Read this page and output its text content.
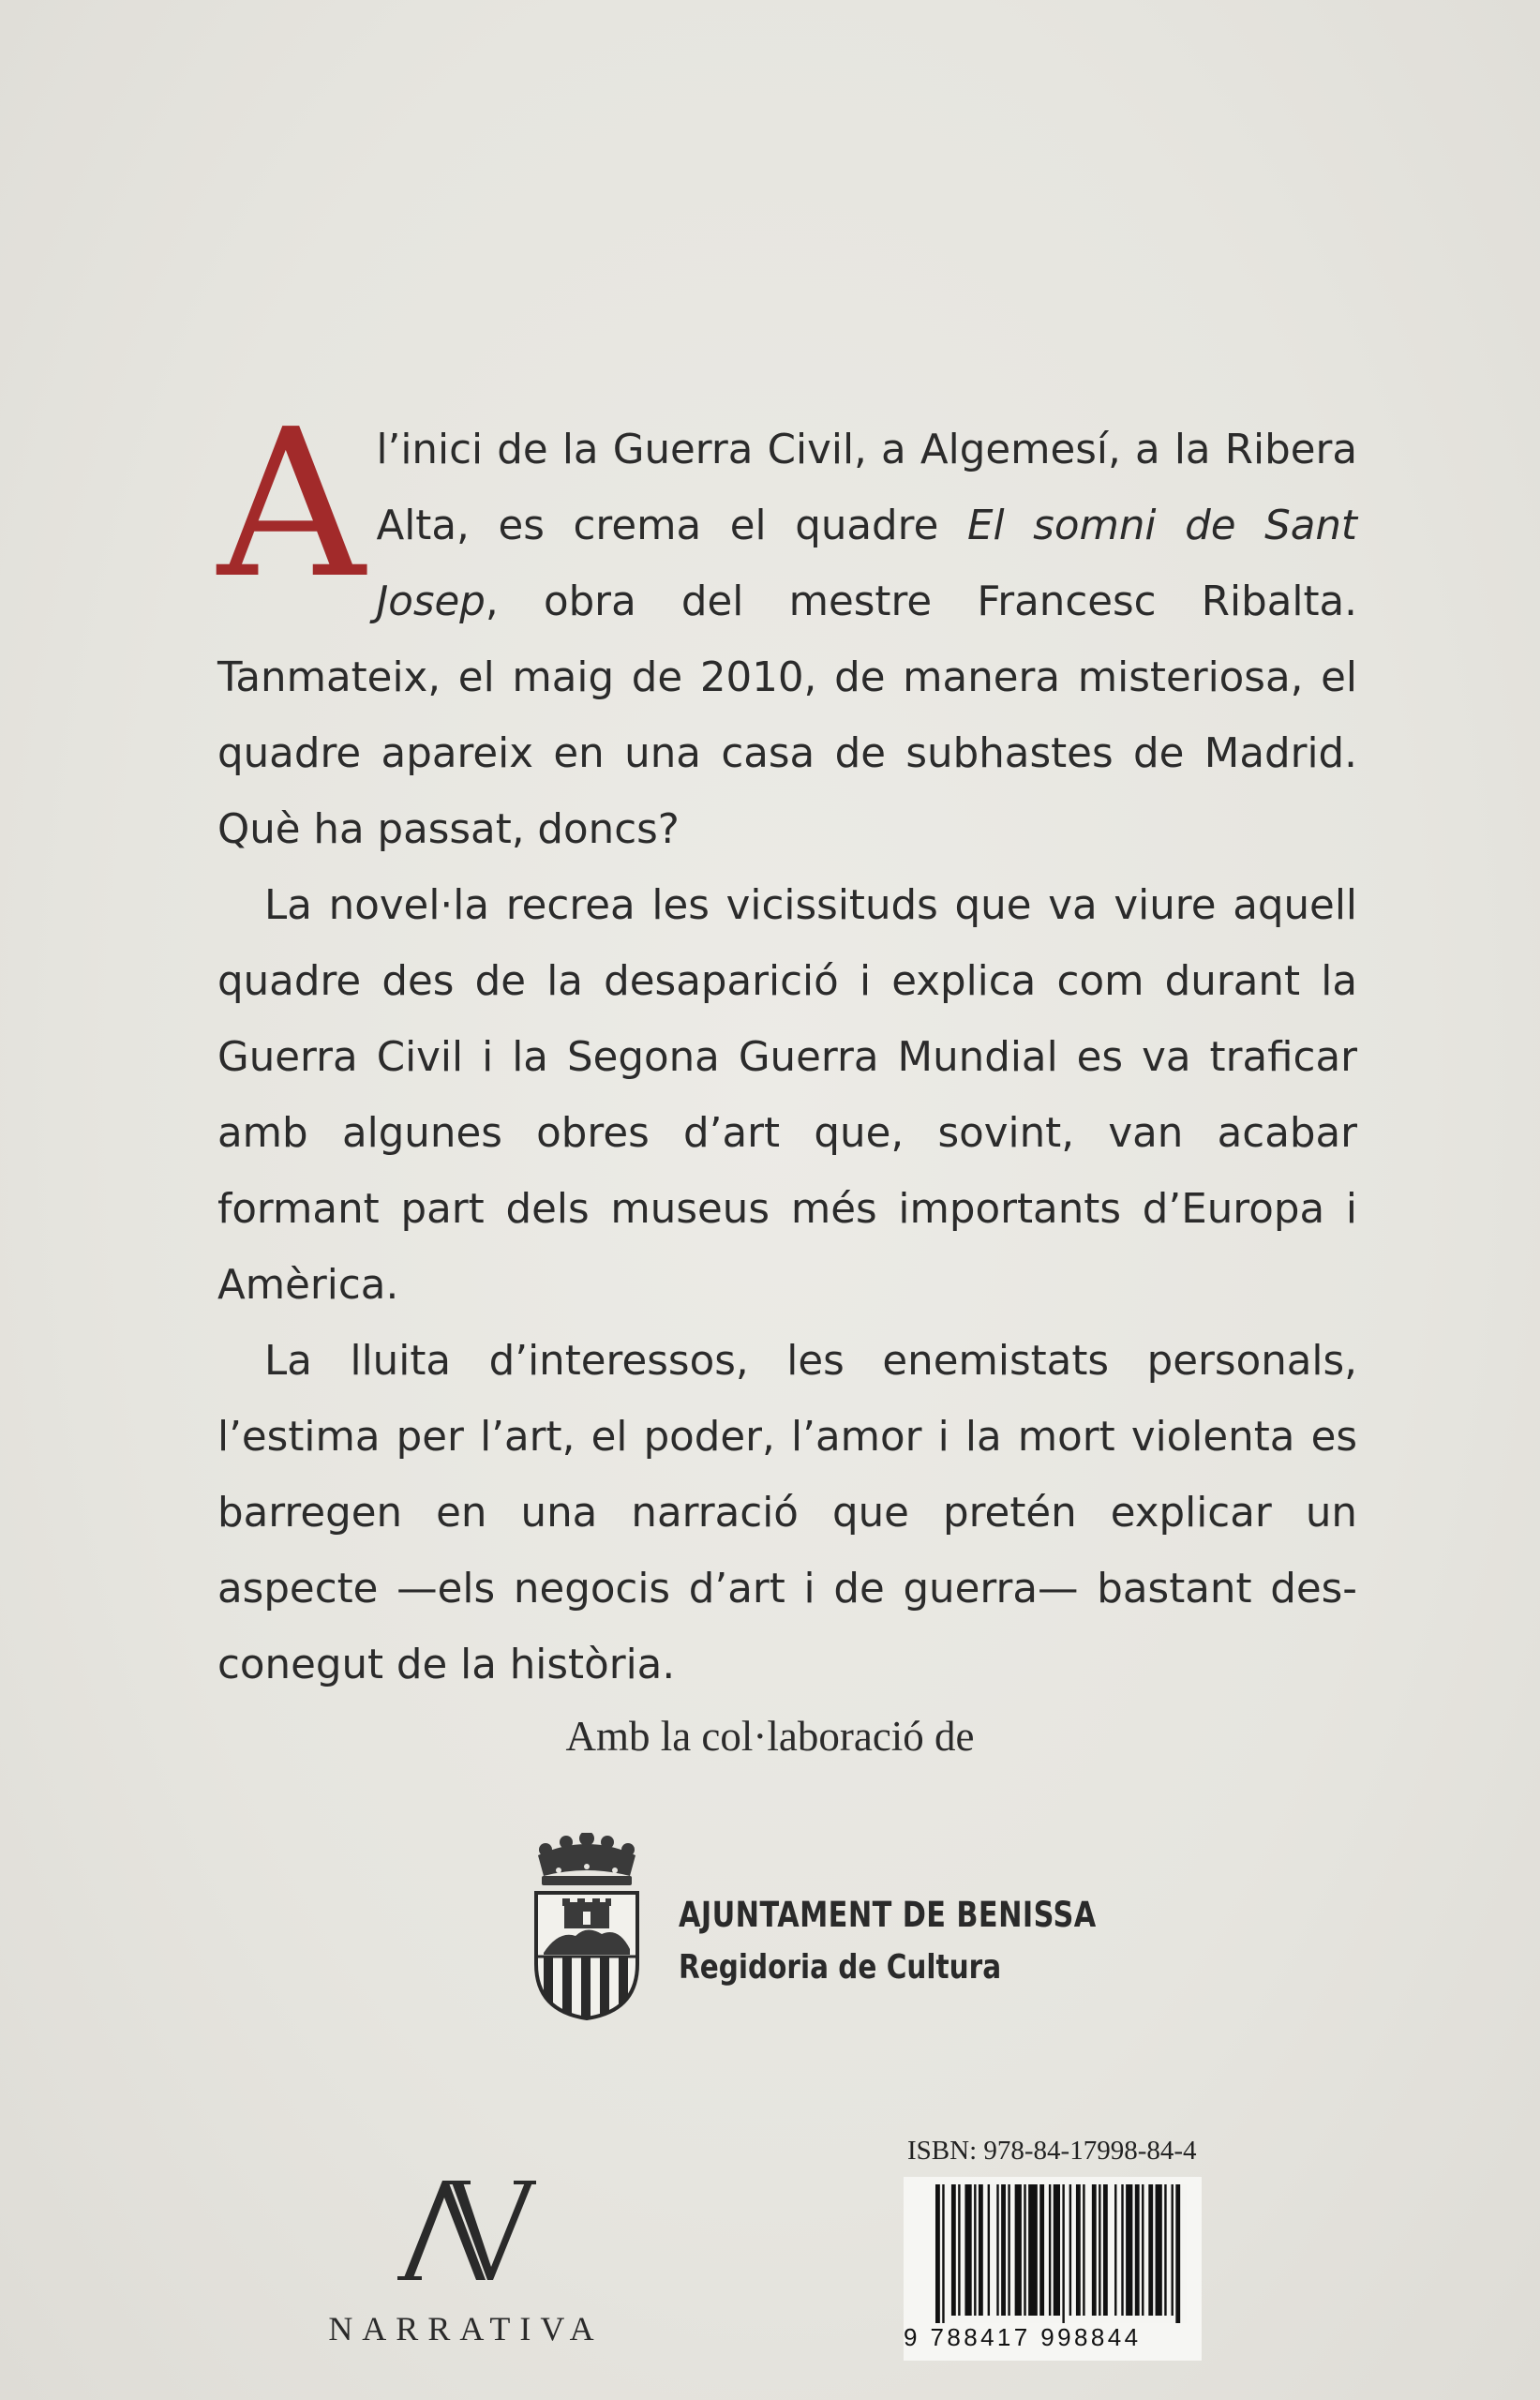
Al’inici de la Guerra Civil, a Algemesí, a la Ribera Alta, es crema el quadre El somni de Sant Josep, obra del mestre Francesc Ribalta. Tanmateix, el maig de 2010, de manera misteriosa, el quadre apareix en una casa de subhastes de Madrid. Què ha passat, doncs?

La novel·la recrea les vicissituds que va viure aquell quadre des de la desaparició i explica com durant la Guerra Civil i la Segona Guerra Mundial es va traficar amb algunes obres d’art que, sovint, van acabar formant part dels museus més importants d’Europa i Amèrica.

La lluita d’interessos, les enemistats personals, l’estima per l’art, el poder, l’amor i la mort violenta es barregen en una narració que pretén explicar un aspecte —els negocis d’art i de guerra— bastant desconegut de la història.

Amb la col·laboració de
AJUNTAMENT DE BENISSA
Regidoria de Cultura
NARRATIVA
ISBN: 978-84-17998-84-4
9 788417 998844
